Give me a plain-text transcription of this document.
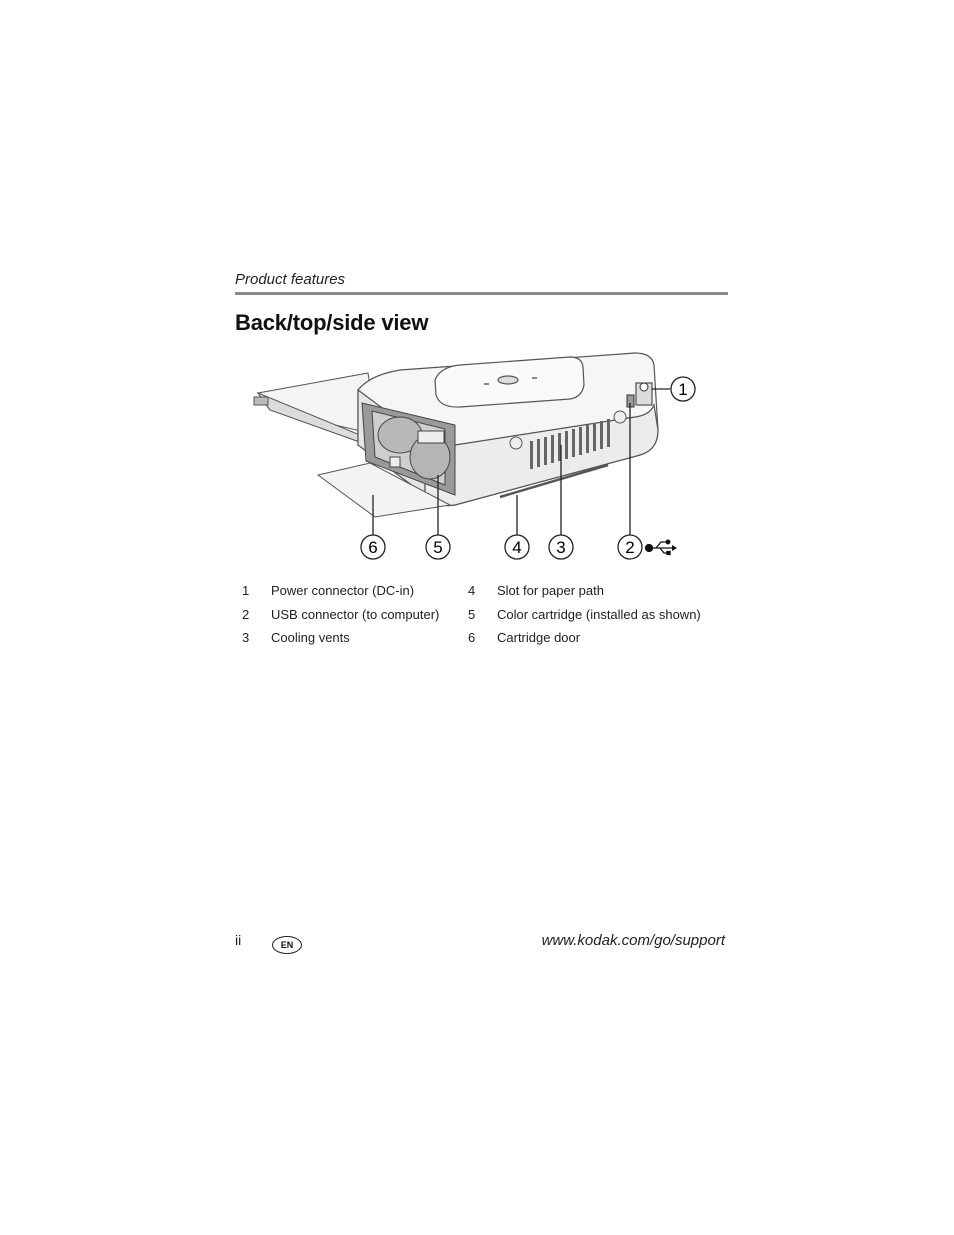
Product features
Back/top/side view
1
2
3
4
5
6
1 Power connector (DC-in)
2 USB connector (to computer)
3 Cooling vents
4 Slot for paper path
5 Color cartridge (installed as shown)
6 Cartridge door
ii	EN	www.kodak.com/go/support
